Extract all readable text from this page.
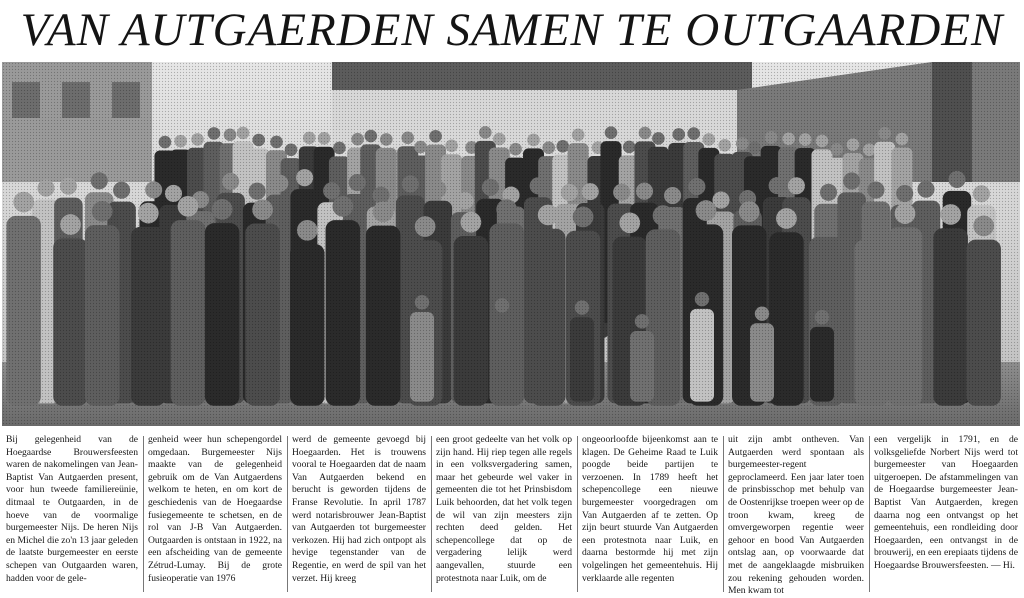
VAN AUTGAERDEN SAMEN TE OUTGAARDEN

Bij gelegenheid van de Hoegaardse Brouwersfeesten waren de nakomelingen van Jean-Baptist Van Autgaerden present, voor hun tweede familiereünie, ditmaal te Outgaarden, in de hoeve van de voormalige burgemeester Nijs. De heren Nijs en Michel die zo'n 13 jaar geleden de laatste burgemeester en eerste schepen van Outgaarden waren, hadden voor de gele-

genheid weer hun schepengordel omgedaan. Burgemeester Nijs maakte van de gelegenheid gebruik om de Van Autgaerdens welkom te heten, en om kort de geschiedenis van de Hoegaardse fusiegemeente te schetsen, en de rol van J-B Van Autgaerden. Outgaarden is ontstaan in 1922, na een afscheiding van de gemeente Zétrud-Lumay. Bij de grote fusieoperatie van 1976

werd de gemeente gevoegd bij Hoegaarden. Het is trouwens vooral te Hoegaarden dat de naam Van Autgaerden bekend en berucht is geworden tijdens de Franse Revolutie. In april 1787 werd notarisbrouwer Jean-Baptist van Autgaerden tot burgemeester verkozen. Hij had zich ontpopt als hevige tegenstander van de Regentie, en werd de spil van het verzet. Hij kreeg

een groot gedeelte van het volk op zijn hand. Hij riep tegen alle regels in een volksvergadering samen, maar het gebeurde wel vaker in gemeenten die tot het Prinsbisdom Luik behoorden, dat het volk tegen de wil van zijn meesters zijn rechten deed gelden. Het schepencollege dat op de vergadering lelijk werd aangevallen, stuurde een protestnota naar Luik, om de

ongeoorloofde bijeenkomst aan te klagen. De Geheime Raad te Luik poogde beide partijen te verzoenen. In 1789 heeft het schepencollege een nieuwe burgemeester voorgedragen om Van Autgaerden af te zetten. Op zijn beurt stuurde Van Autgaerden een protestnota naar Luik, en daarna bestormde hij met zijn volgelingen het gemeentehuis. Hij verklaarde alle regenten

uit zijn ambt ontheven. Van Autgaerden werd spontaan als burgemeester-regent geproclameerd. Een jaar later toen de prinsbisschop met behulp van de Oostenrijkse troepen weer op de troon kwam, kreeg de omvergeworpen regentie weer gehoor en bood Van Autgaerden ontslag aan, op voorwaarde dat met de aangeklaagde misbruiken zou rekening gehouden worden. Men kwam tot

een vergelijk in 1791, en de volksgeliefde Norbert Nijs werd tot burgemeester van Hoegaarden uitgeroepen. De afstammelingen van de Hoegaardse burgemeester Jean-Baptist Van Autgaerden, kregen daarna nog een ontvangst op het gemeentehuis, een rondleiding door Hoegaarden, een ontvangst in de brouwerij, en een erepiaats tijdens de Hoegaardse Brouwersfeesten. — Hi.
